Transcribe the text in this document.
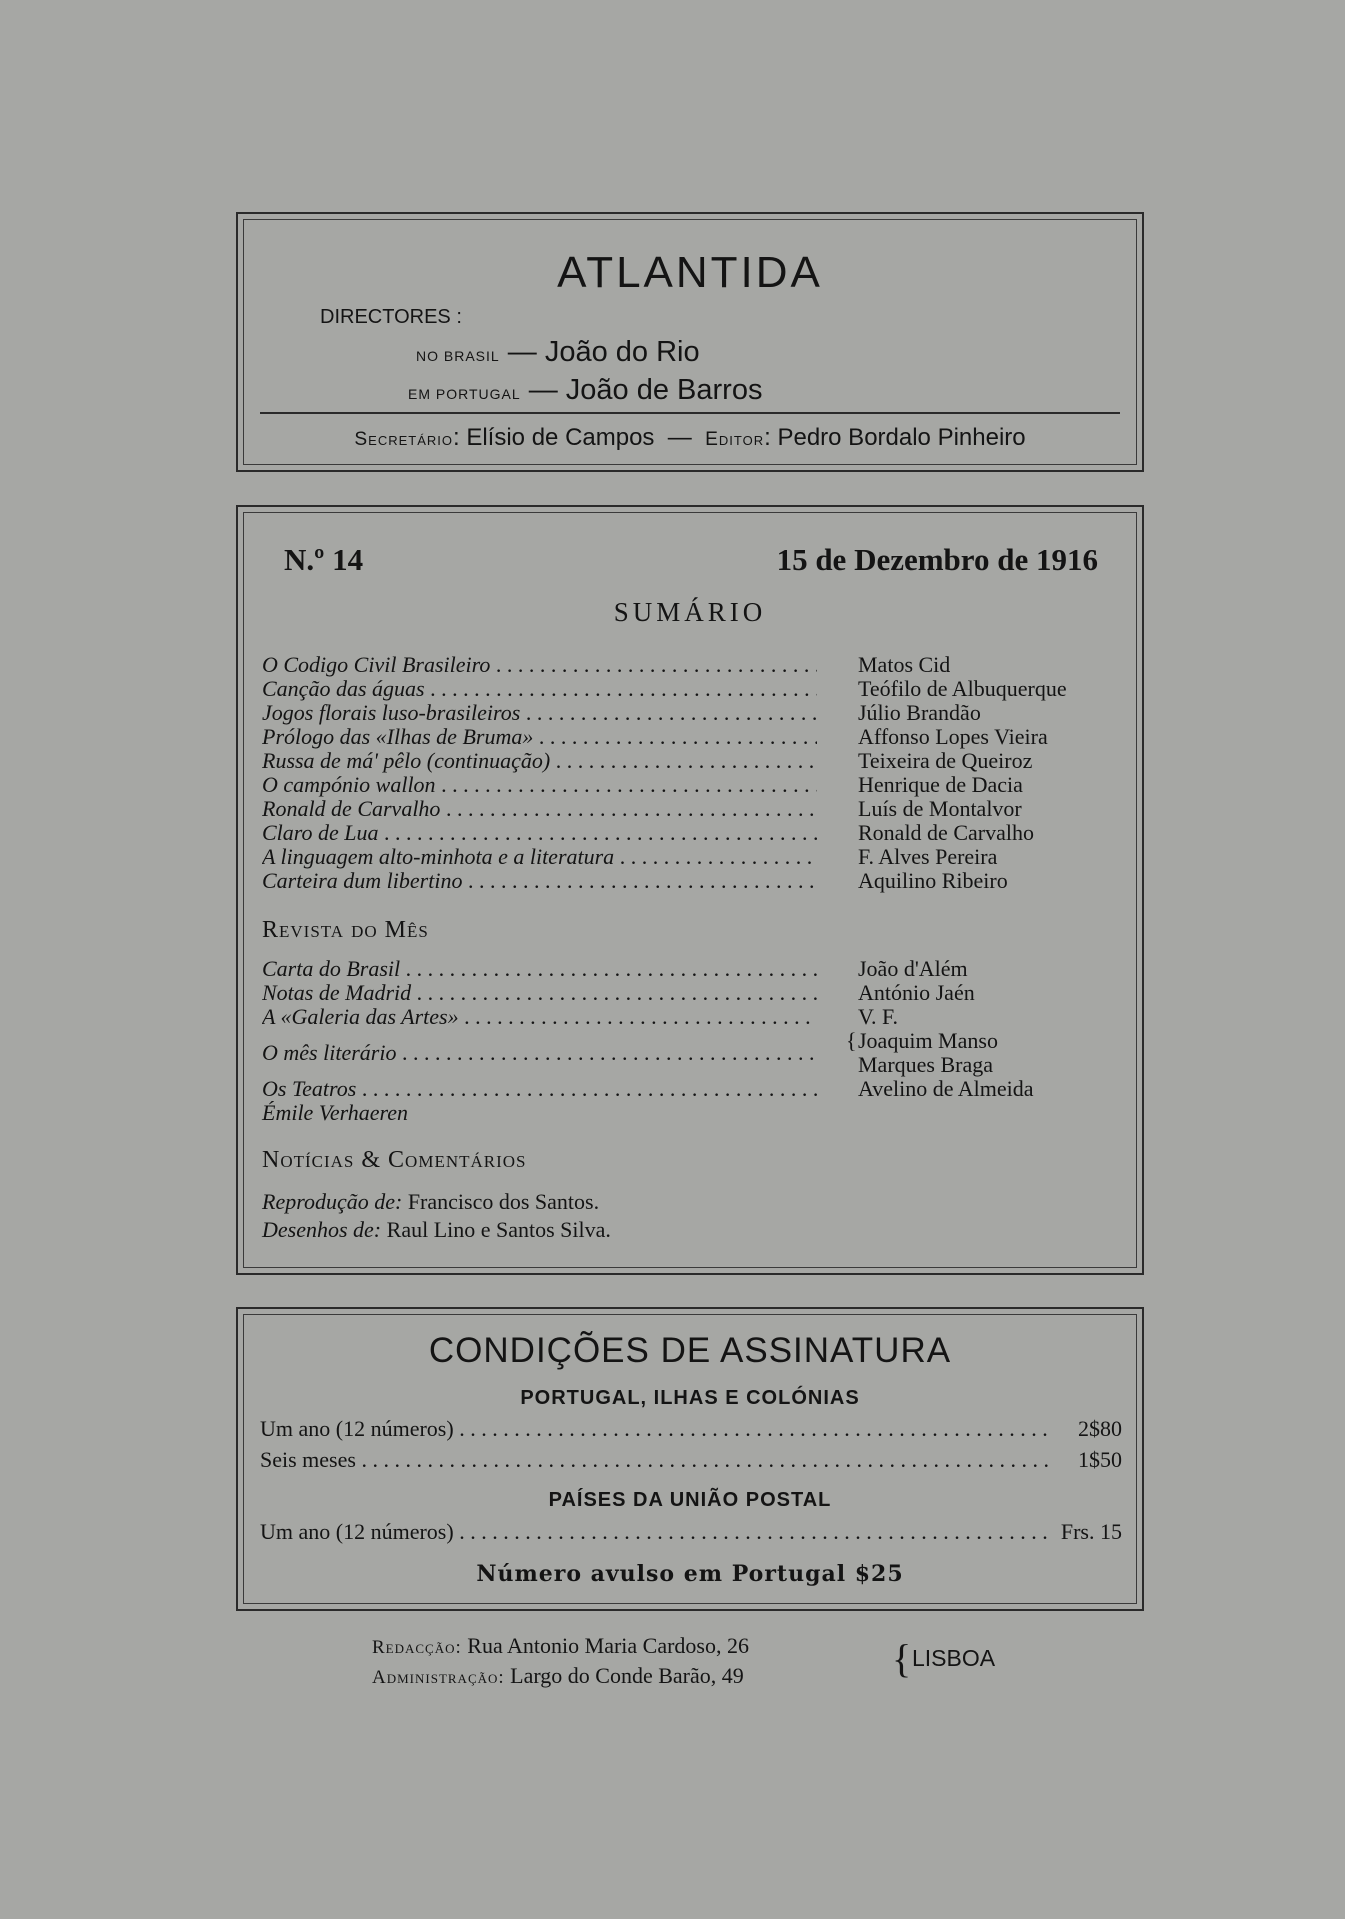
ATLANTIDA
DIRECTORES :
NO BRASIL — João do Rio
EM PORTUGAL — João de Barros
Secretário: Elísio de Campos  —  Editor: Pedro Bordalo Pinheiro
N.º 14	15 de Dezembro de 1916
SUMÁRIO
O Codigo Civil Brasileiro . . .	Matos Cid
Canção das águas . . .	Teófilo de Albuquerque
Jogos florais luso-brasileiros . . .	Júlio Brandão
Prólogo das «Ilhas de Bruma» . . .	Affonso Lopes Vieira
Russa de má' pêlo (continuação) . . .	Teixeira de Queiroz
O campónio wallon . . .	Henrique de Dacia
Ronald de Carvalho . . .	Luís de Montalvor
Claro de Lua . . .	Ronald de Carvalho
A linguagem alto-minhota e a literatura . . .	F. Alves Pereira
Carteira dum libertino . . .	Aquilino Ribeiro
Revista do Mês
Carta do Brasil . . .	João d'Além
Notas de Madrid . . .	António Jaén
A «Galeria das Artes» . . .	V. F.
O mês literário . . .	{ Joaquim Manso
Marques Braga
Os Teatros . . .	Avelino de Almeida
Émile Verhaeren
Notícias & Comentários
Reprodução de: Francisco dos Santos.
Desenhos de: Raul Lino e Santos Silva.
CONDIÇÕES DE ASSINATURA
PORTUGAL, ILHAS E COLÓNIAS
Um ano (12 números) . . .	2$80
Seis meses . . .	1$50
PAÍSES DA UNIÃO POSTAL
Um ano (12 números) . . .	Frs. 15
Número avulso em Portugal $25
Redacção: Rua Antonio Maria Cardoso, 26
Administração: Largo do Conde Barão, 49	{ LISBOA
